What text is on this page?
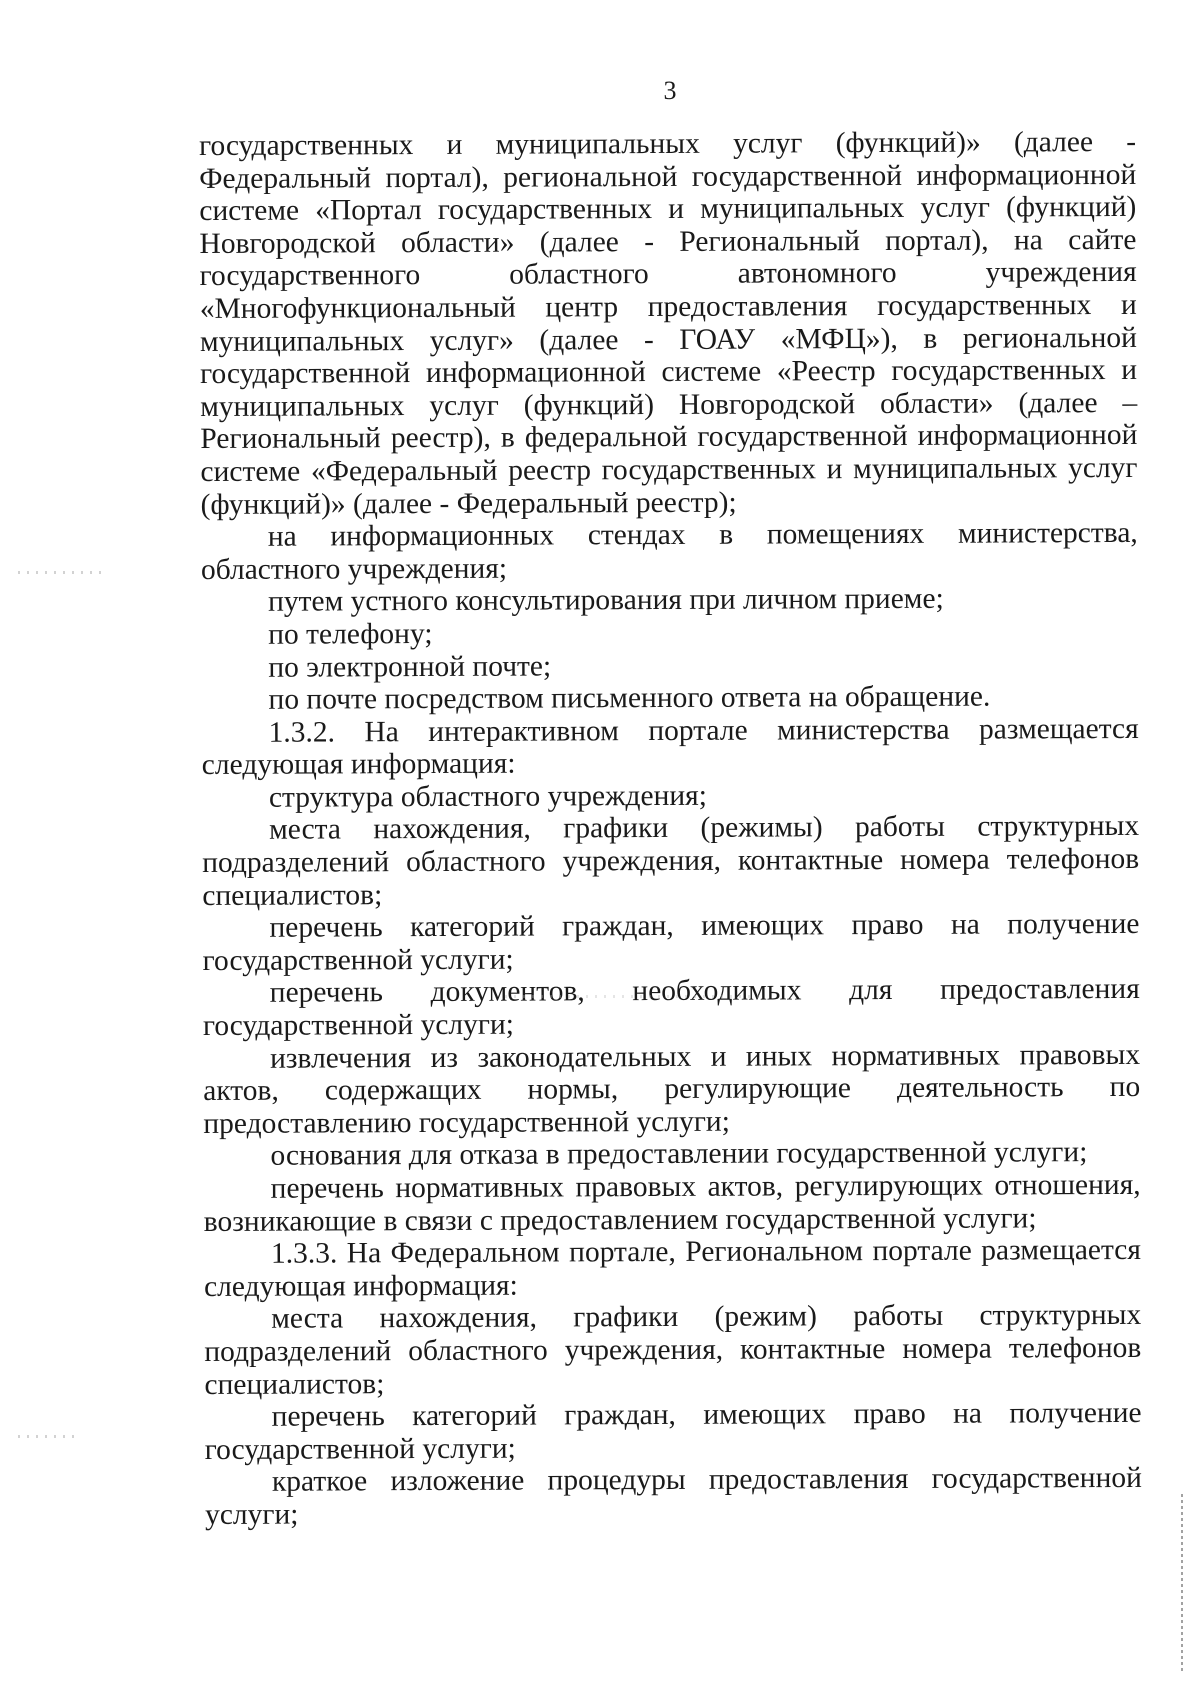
3

государственных и муниципальных услуг (функций)» (далее - Федеральный портал), региональной государственной информационной системе «Портал государственных и муниципальных услуг (функций) Новгородской области» (далее - Региональный портал), на сайте государственного областного автономного учреждения «Многофункциональный центр предоставления государственных и муниципальных услуг» (далее - ГОАУ «МФЦ»), в региональной государственной информационной системе «Реестр государственных и муниципальных услуг (функций) Новгородской области» (далее – Региональный реестр), в федеральной государственной информационной системе «Федеральный реестр государственных и муниципальных услуг (функций)» (далее - Федеральный реестр);

на информационных стендах в помещениях министерства, областного учреждения;

путем устного консультирования при личном приеме;

по телефону;

по электронной почте;

по почте посредством письменного ответа на обращение.

1.3.2. На интерактивном портале министерства размещается следующая информация:

структура областного учреждения;

места нахождения, графики (режимы) работы структурных подразделений областного учреждения, контактные номера телефонов специалистов;

перечень категорий граждан, имеющих право на получение государственной услуги;

перечень документов, необходимых для предоставления государственной услуги;

извлечения из законодательных и иных нормативных правовых актов, содержащих нормы, регулирующие деятельность по предоставлению государственной услуги;

основания для отказа в предоставлении государственной услуги;

перечень нормативных правовых актов, регулирующих отношения, возникающие в связи с предоставлением государственной услуги;

1.3.3. На Федеральном портале, Региональном портале размещается следующая информация:

места нахождения, графики (режим) работы структурных подразделений областного учреждения, контактные номера телефонов специалистов;

перечень категорий граждан, имеющих право на получение государственной услуги;

краткое изложение процедуры предоставления государственной услуги;
